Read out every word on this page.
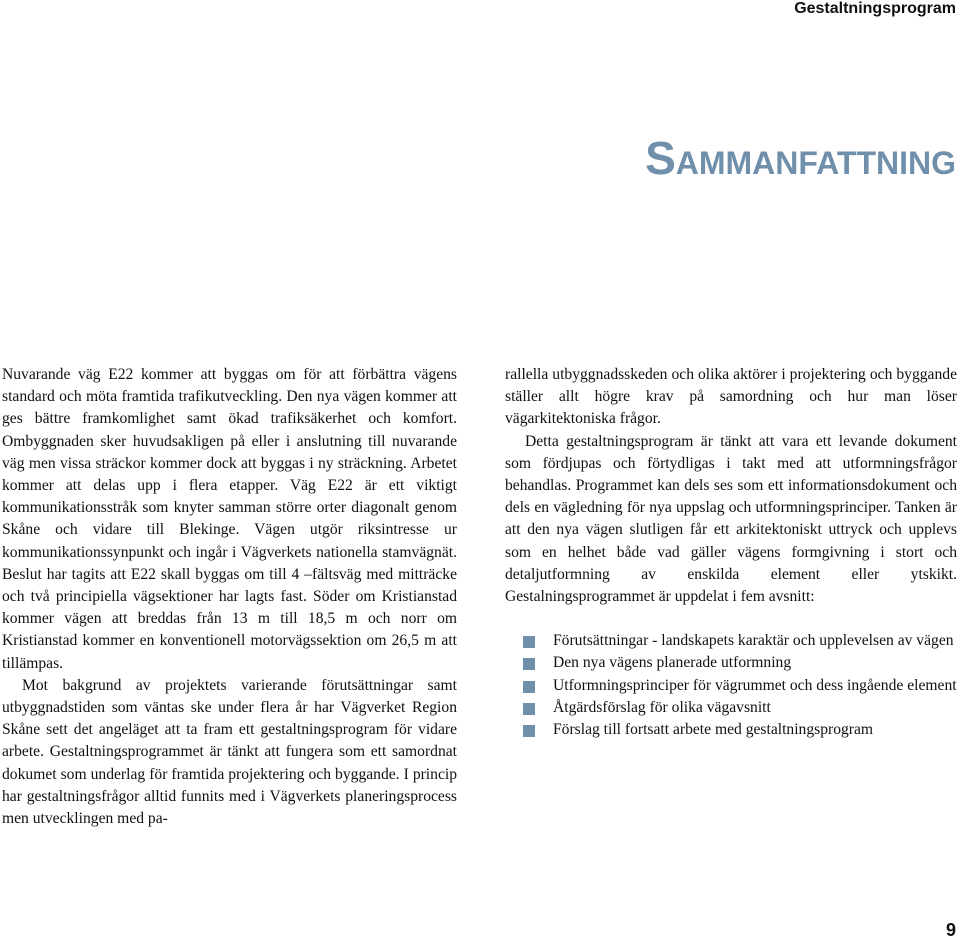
Gestaltningsprogram
Sammanfattning

Nuvarande väg E22 kommer att byggas om för att förbättra vägens standard och möta framtida trafikutveckling. Den nya vägen kommer att ges bättre framkomlighet samt ökad trafiksäkerhet och komfort. Ombyggnaden sker huvudsakligen på eller i anslutning till nuvarande väg men vissa sträckor kommer dock att byggas i ny sträckning. Arbetet kommer att delas upp i flera etapper. Väg E22 är ett viktigt kommunikationsstråk som knyter samman större orter diagonalt genom Skåne och vidare till Blekinge. Vägen utgör riksintresse ur kommunikationssynpunkt och ingår i Vägverkets nationella stamvägnät. Beslut har tagits att E22 skall byggas om till 4 –fältsväg med mitträcke och två principiella vägsektioner har lagts fast. Söder om Kristianstad kommer vägen att breddas från 13 m till 18,5 m och norr om Kristianstad kommer en konventionell motorvägssektion om 26,5 m att tillämpas.

Mot bakgrund av projektets varierande förutsättningar samt utbyggnadstiden som väntas ske under flera år har Vägverket Region Skåne sett det angeläget att ta fram ett gestaltningsprogram för vidare arbete. Gestaltningsprogrammet är tänkt att fungera som ett samordnat dokumet som underlag för framtida projektering och byggande. I princip har gestaltningsfrågor alltid funnits med i Vägverkets planeringsprocess men utvecklingen med pa-

rallella utbyggnadsskeden och olika aktörer i projektering och byggande ställer allt högre krav på samordning och hur man löser vägarkitektoniska frågor.

Detta gestaltningsprogram är tänkt att vara ett levande dokument som fördjupas och förtydligas i takt med att utformningsfrågor behandlas. Programmet kan dels ses som ett informationsdokument och dels en vägledning för nya uppslag och utformningsprinciper. Tanken är att den nya vägen slutligen får ett arkitektoniskt uttryck och upplevs som en helhet både vad gäller vägens formgivning i stort och detaljutformning av enskilda element eller ytskikt. Gestalningsprogrammet är uppdelat i fem avsnitt:

Förutsättningar - landskapets karaktär och upplevelsen av vägen
Den nya vägens planerade utformning
Utformningsprinciper för vägrummet och dess ingående element
Åtgärdsförslag för olika vägavsnitt
Förslag till fortsatt arbete med gestaltningsprogram
9
